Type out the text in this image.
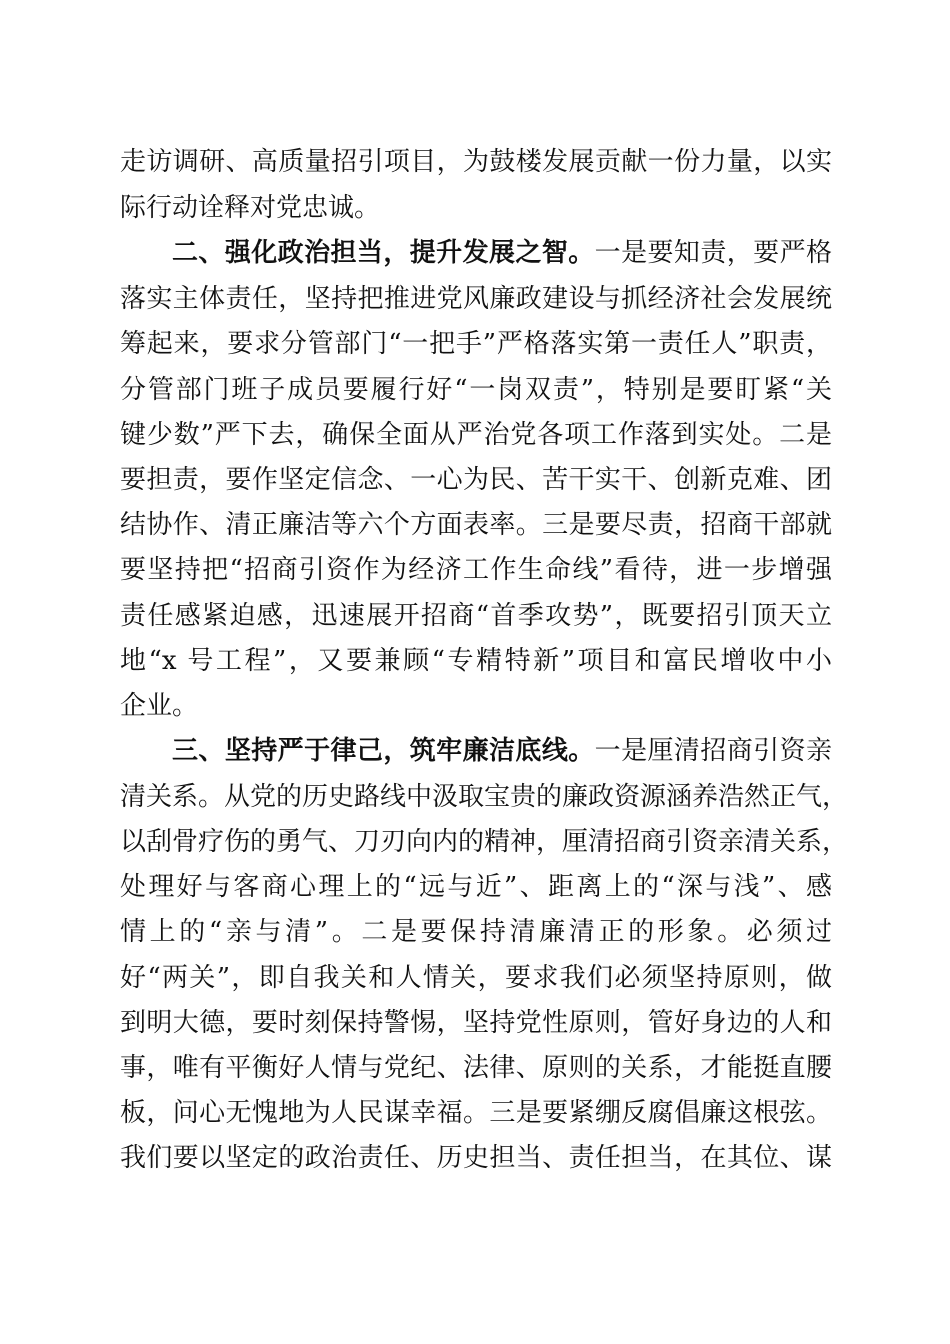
走访调研、高质量招引项目，为鼓楼发展贡献一份力量，以实

际行动诠释对党忠诚。

二、强化政治担当，提升发展之智。一是要知责，要严格

落实主体责任，坚持把推进党风廉政建设与抓经济社会发展统

筹起来，要求分管部门“一把手”严格落实第一责任人”职责，

分管部门班子成员要履行好“一岗双责”，特别是要盯紧“关

键少数”严下去，确保全面从严治党各项工作落到实处。二是

要担责，要作坚定信念、一心为民、苦干实干、创新克难、团

结协作、清正廉洁等六个方面表率。三是要尽责，招商干部就

要坚持把“招商引资作为经济工作生命线”看待，进一步增强

责任感紧迫感，迅速展开招商“首季攻势”，既要招引顶天立

地“x 号工程”，又要兼顾“专精特新”项目和富民增收中小

企业。

三、坚持严于律己，筑牢廉洁底线。一是厘清招商引资亲

清关系。从党的历史路线中汲取宝贵的廉政资源涵养浩然正气，

以刮骨疗伤的勇气、刀刃向内的精神，厘清招商引资亲清关系，

处理好与客商心理上的“远与近”、距离上的“深与浅”、感

情上的“亲与清”。二是要保持清廉清正的形象。必须过

好“两关”，即自我关和人情关，要求我们必须坚持原则，做

到明大德，要时刻保持警惕，坚持党性原则，管好身边的人和

事，唯有平衡好人情与党纪、法律、原则的关系，才能挺直腰

板，问心无愧地为人民谋幸福。三是要紧绷反腐倡廉这根弦。

我们要以坚定的政治责任、历史担当、责任担当，在其位、谋
